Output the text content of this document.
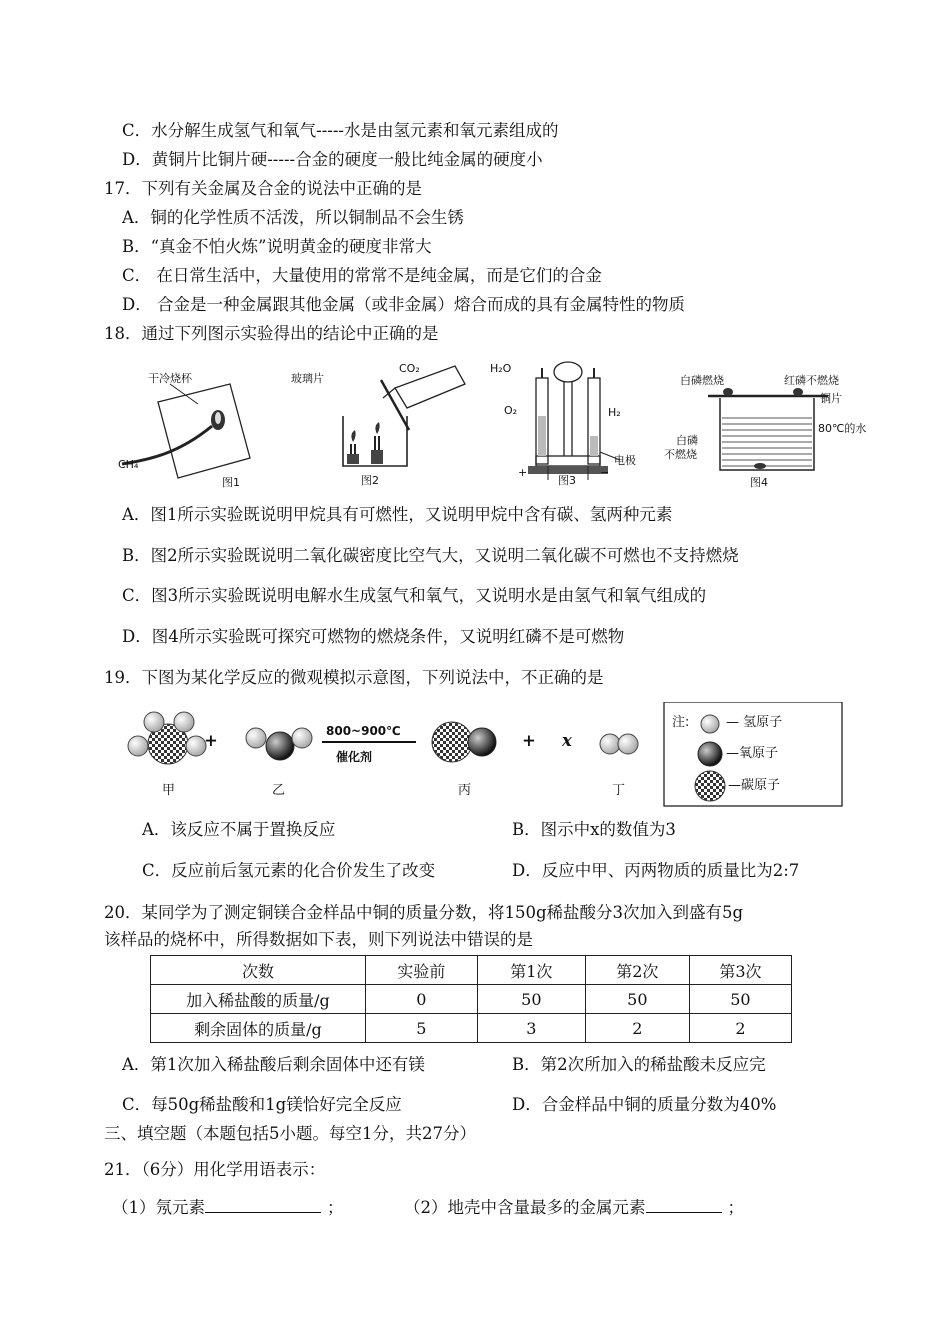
C．水分解生成氢气和氧气-----水是由氢元素和氧元素组成的
D．黄铜片比铜片硬-----合金的硬度一般比纯金属的硬度小
17．下列有关金属及合金的说法中正确的是
A．铜的化学性质不活泼，所以铜制品不会生锈
B．“真金不怕火炼”说明黄金的硬度非常大
C． 在日常生活中，大量使用的常常不是纯金属，而是它们的合金
D． 合金是一种金属跟其他金属（或非金属）熔合而成的具有金属特性的物质
18．通过下列图示实验得出的结论中正确的是
干冷烧杯
CH₄
图1
玻璃片
CO₂
图2
H₂O
O₂	H₂
电极
+	−
图3
白磷燃烧	红磷不燃烧
铜片
80℃的水
白磷
不燃烧
图4
A．图1所示实验既说明甲烷具有可燃性，又说明甲烷中含有碳、氢两种元素
B．图2所示实验既说明二氧化碳密度比空气大，又说明二氧化碳不可燃也不支持燃烧
C．图3所示实验既说明电解水生成氢气和氧气，又说明水是由氢气和氧气组成的
D．图4所示实验既可探究可燃物的燃烧条件，又说明红磷不是可燃物
19．下图为某化学反应的微观模拟示意图，下列说法中，不正确的是
+	800~900℃
催化剂
+ x
甲	乙	丙	丁
注:	— 氢原子
—氧原子
—碳原子
A．该反应不属于置换反应	B．图示中x的数值为3
C．反应前后氢元素的化合价发生了改变	D．反应中甲、丙两物质的质量比为2:7
20．某同学为了测定铜镁合金样品中铜的质量分数，将150g稀盐酸分3次加入到盛有5g
该样品的烧杯中，所得数据如下表，则下列说法中错误的是
次数	实验前	第1次	第2次	第3次
加入稀盐酸的质量/g	0	50	50	50
剩余固体的质量/g	5	3	2	2
A．第1次加入稀盐酸后剩余固体中还有镁	B．第2次所加入的稀盐酸未反应完
C．每50g稀盐酸和1g镁恰好完全反应	D．合金样品中铜的质量分数为40%
三、填空题（本题包括5小题。每空1分，共27分）
21．（6分）用化学用语表示：
（1）氖元素	；	（2）地壳中含量最多的金属元素	；
